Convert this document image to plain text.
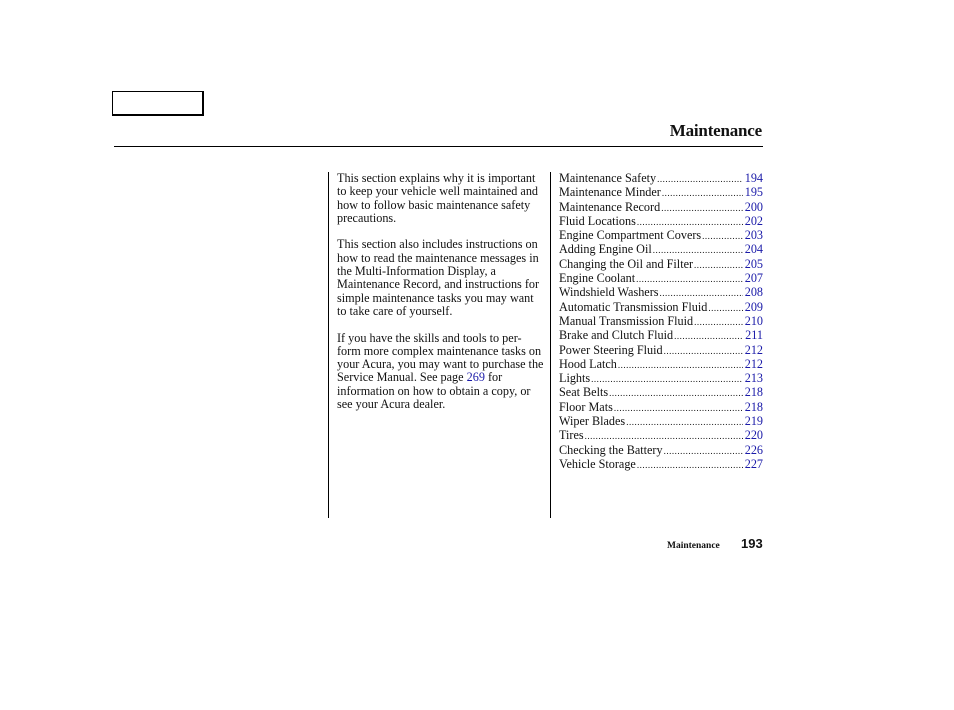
Maintenance

This section explains why it is important to keep your vehicle well maintained and how to follow basic maintenance safety precautions.

This section also includes instructions on how to read the maintenance messages in the Multi-Information Display, a Maintenance Record, and instructions for simple maintenance tasks you may want to take care of yourself.

If you have the skills and tools to per-form more complex maintenance tasks on your Acura, you may want to purchase the Service Manual. See page 269 for information on how to obtain a copy, or see your Acura dealer.

Maintenance Safety .....	194
Maintenance Minder .....	195
Maintenance Record .....	200
Fluid Locations .....	202
Engine Compartment Covers .....	203
Adding Engine Oil .....	204
Changing the Oil and Filter .....	205
Engine Coolant .....	207
Windshield Washers .....	208
Automatic Transmission Fluid .....	209
Manual Transmission Fluid .....	210
Brake and Clutch Fluid .....	211
Power Steering Fluid .....	212
Hood Latch .....	212
Lights .....	213
Seat Belts .....	218
Floor Mats .....	218
Wiper Blades .....	219
Tires .....	220
Checking the Battery .....	226
Vehicle Storage .....	227
Maintenance 193
